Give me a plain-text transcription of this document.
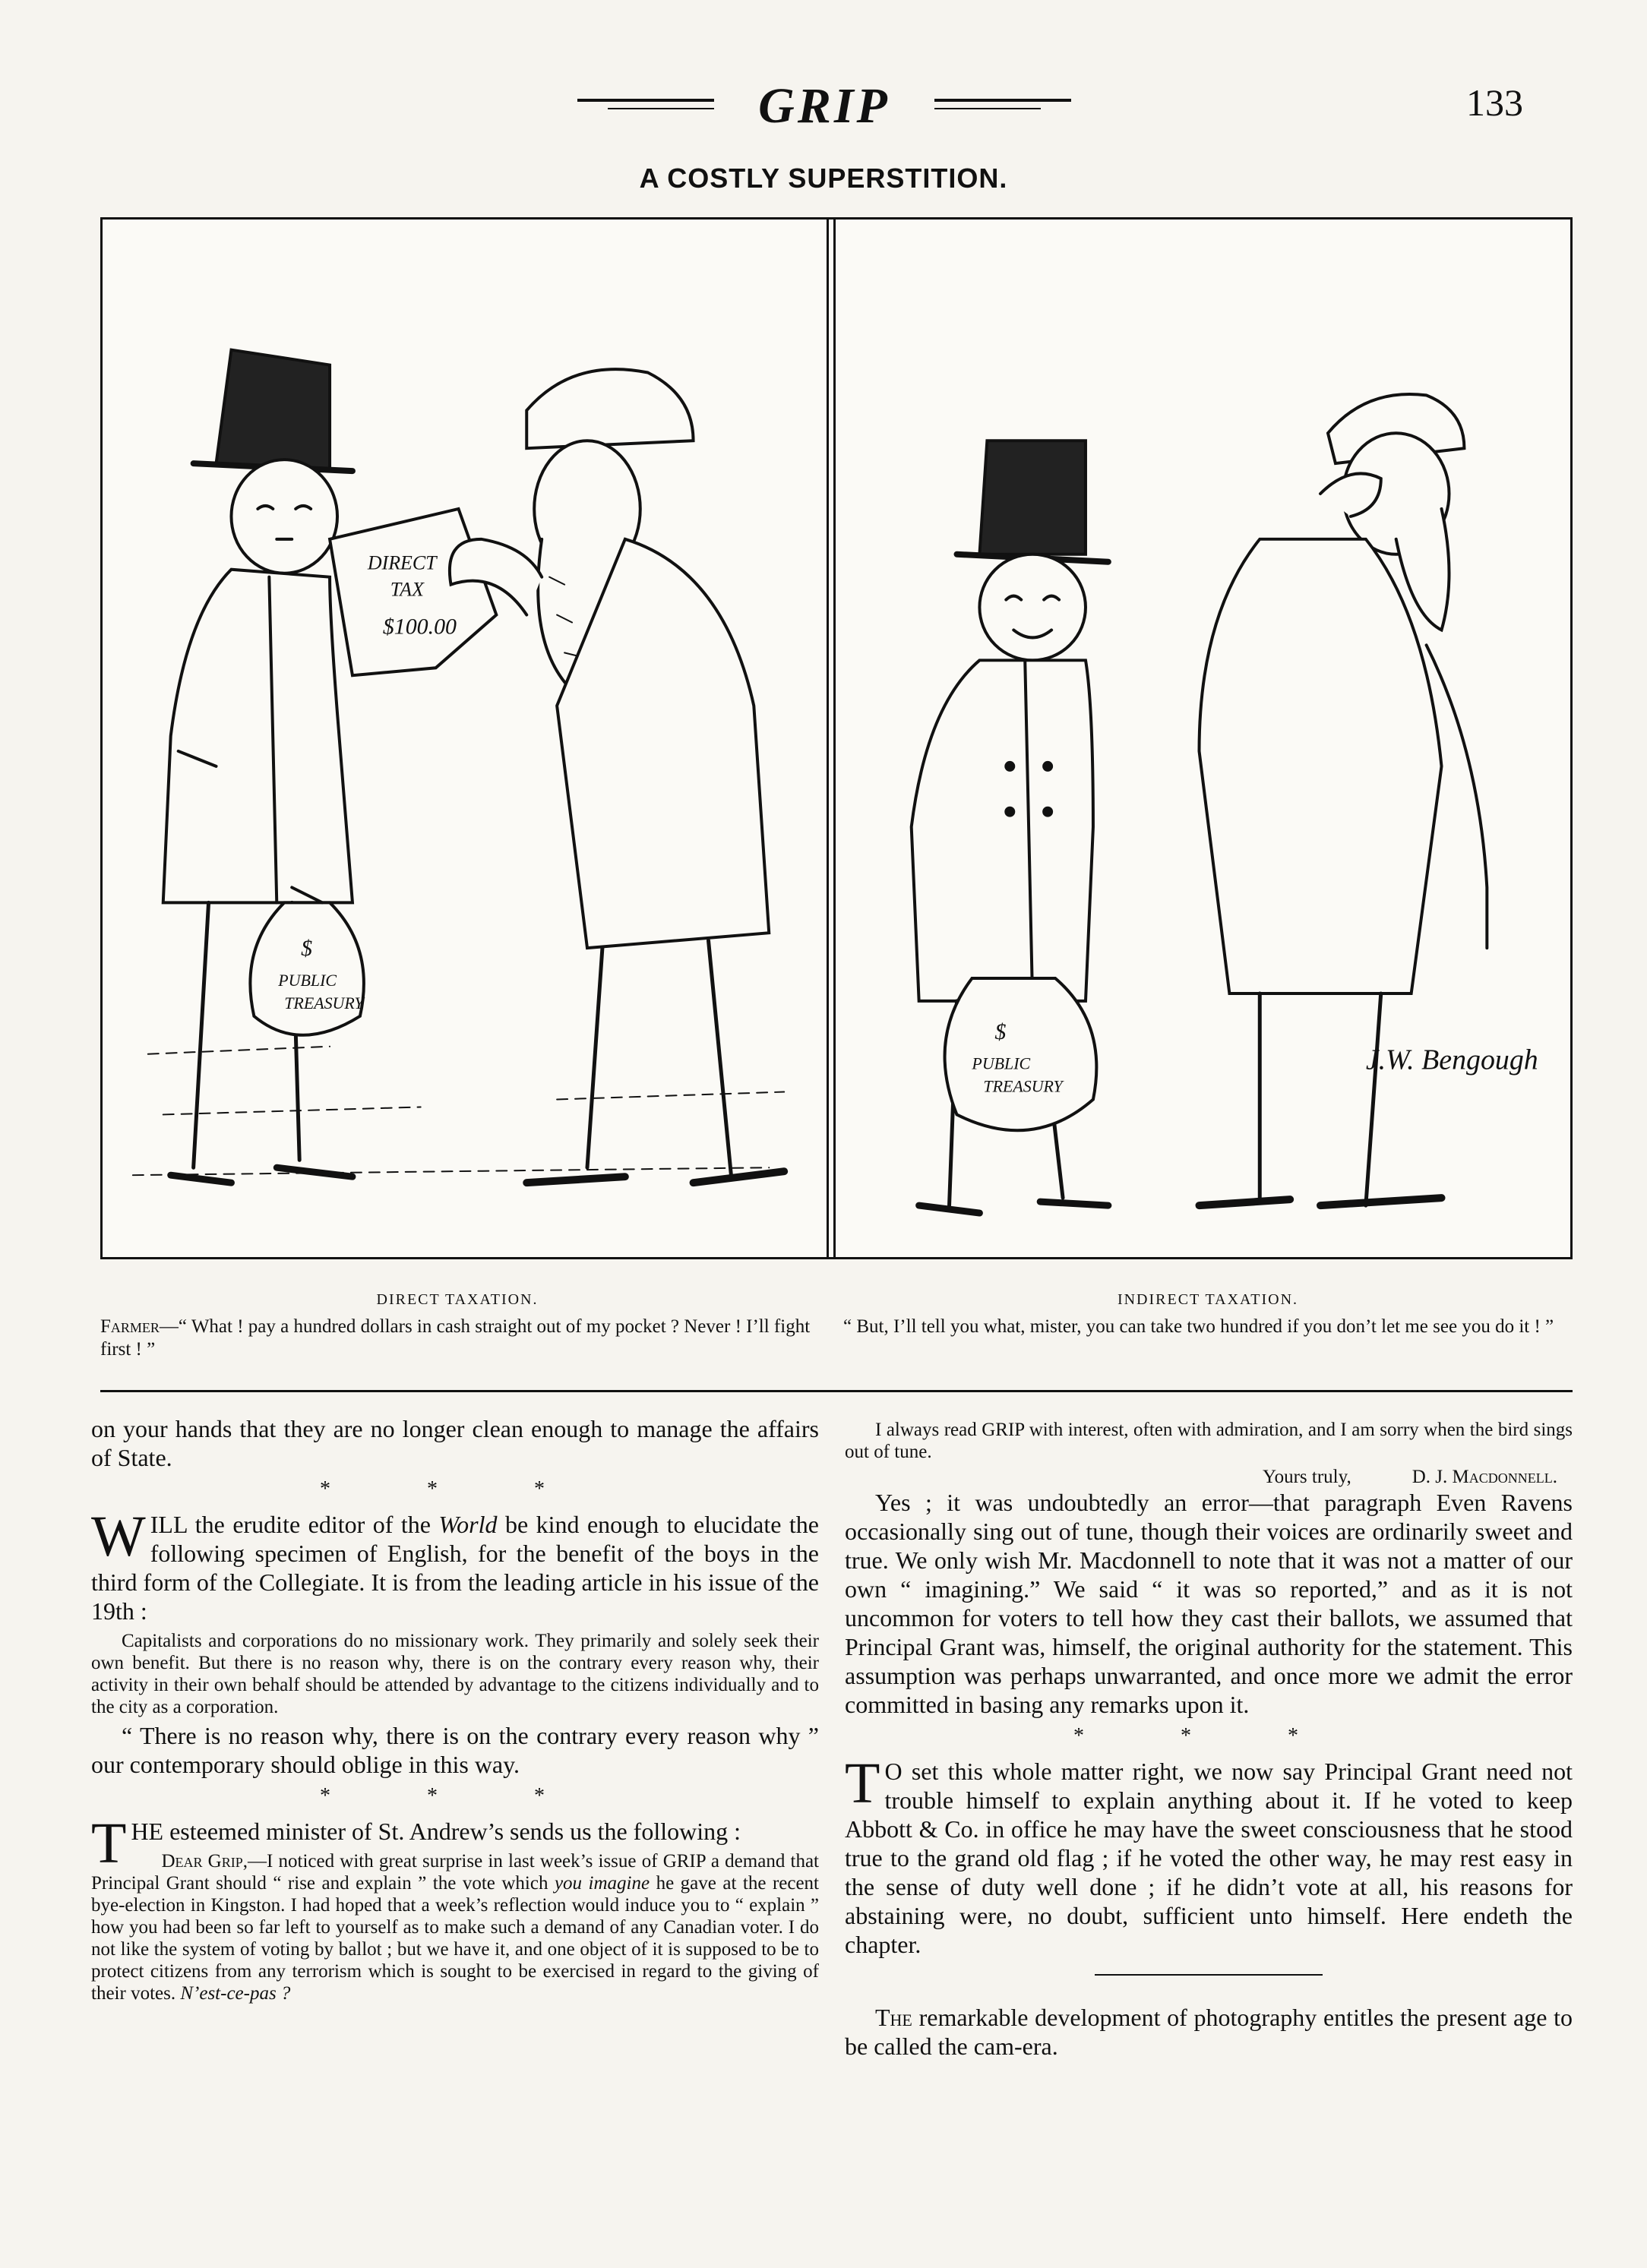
GRIP	133
A COSTLY SUPERSTITION.
DIRECT
TAX
$100.00
$
PUBLIC
TREASURY
$
PUBLIC
TREASURY
J.W. Bengough
DIRECT TAXATION.
Farmer—“ What ! pay a hundred dollars in cash straight out of my pocket ? Never ! I’ll fight first ! ”
INDIRECT TAXATION.
“ But, I’ll tell you what, mister, you can take two hundred if you don’t let me see you do it ! ”

on your hands that they are no longer clean enough to manage the affairs of State.

* * *

WILL the erudite editor of the World be kind enough to elucidate the following specimen of English, for the benefit of the boys in the third form of the Collegiate. It is from the leading article in his issue of the 19th :

Capitalists and corporations do no missionary work. They primarily and solely seek their own benefit. But there is no reason why, there is on the contrary every reason why, their activity in their own behalf should be attended by advantage to the citizens individually and to the city as a corporation.

“ There is no reason why, there is on the contrary every reason why ” our contemporary should oblige in this way.

* * *

THE esteemed minister of St. Andrew’s sends us the following :

Dear Grip,—I noticed with great surprise in last week’s issue of GRIP a demand that Principal Grant should “ rise and explain ” the vote which you imagine he gave at the recent bye-election in Kingston. I had hoped that a week’s reflection would induce you to “ explain ” how you had been so far left to yourself as to make such a demand of any Canadian voter. I do not like the system of voting by ballot ; but we have it, and one object of it is supposed to be to protect citizens from any terrorism which is sought to be exercised in regard to the giving of their votes. N’est-ce-pas ?

I always read GRIP with interest, often with admiration, and I am sorry when the bird sings out of tune.

Yours truly,	D. J. Macdonnell.

Yes ; it was undoubtedly an error—that paragraph Even Ravens occasionally sing out of tune, though their voices are ordinarily sweet and true. We only wish Mr. Macdonnell to note that it was not a matter of our own “ imagining.” We said “ it was so reported,” and as it is not uncommon for voters to tell how they cast their ballots, we assumed that Principal Grant was, himself, the original authority for the statement. This assumption was perhaps unwarranted, and once more we admit the error committed in basing any remarks upon it.

* * *

T O set this whole matter right, we now say Principal Grant need not trouble himself to explain anything about it. If he voted to keep Abbott & Co. in office he may have the sweet consciousness that he stood true to the grand old flag ; if he voted the other way, he may rest easy in the sense of duty well done ; if he didn’t vote at all, his reasons for abstaining were, no doubt, sufficient unto himself. Here endeth the chapter.

The remarkable development of photography entitles the present age to be called the cam-era.
